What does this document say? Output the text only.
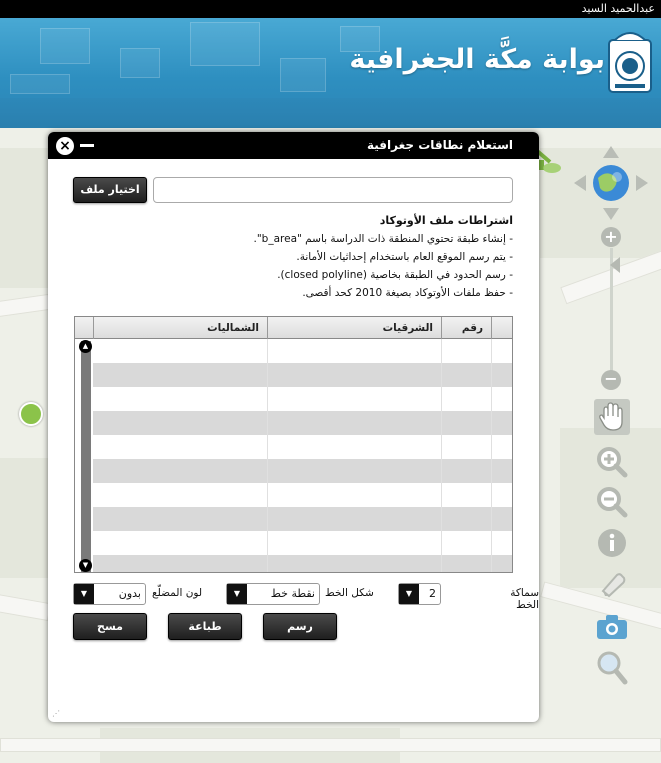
عبدالحميد السيد
بوابة مكَّة الجغرافية
+
−
×	استعلام نطاقات جغرافية
اختيار ملف
اشتراطات ملف الأوتوكاد
- إنشاء طبقة تحتوي المنطقة ذات الدراسة باسم "b_area".
- يتم رسم الموقع العام باستخدام إحداثيات الأمانة.
- رسم الحدود في الطبقة بخاصية (closed polyline).
- حفظ ملفات الأوتوكاد بصيغة 2010 كحد أقصى.
الشماليات	الشرقيات	رقم
▲
▼
سماكة الخط
▼	2
شكل الخط
▼	نقطة خط
لون المضلّع
▼	بدون
رسم
طباعة
مسح
⋰
